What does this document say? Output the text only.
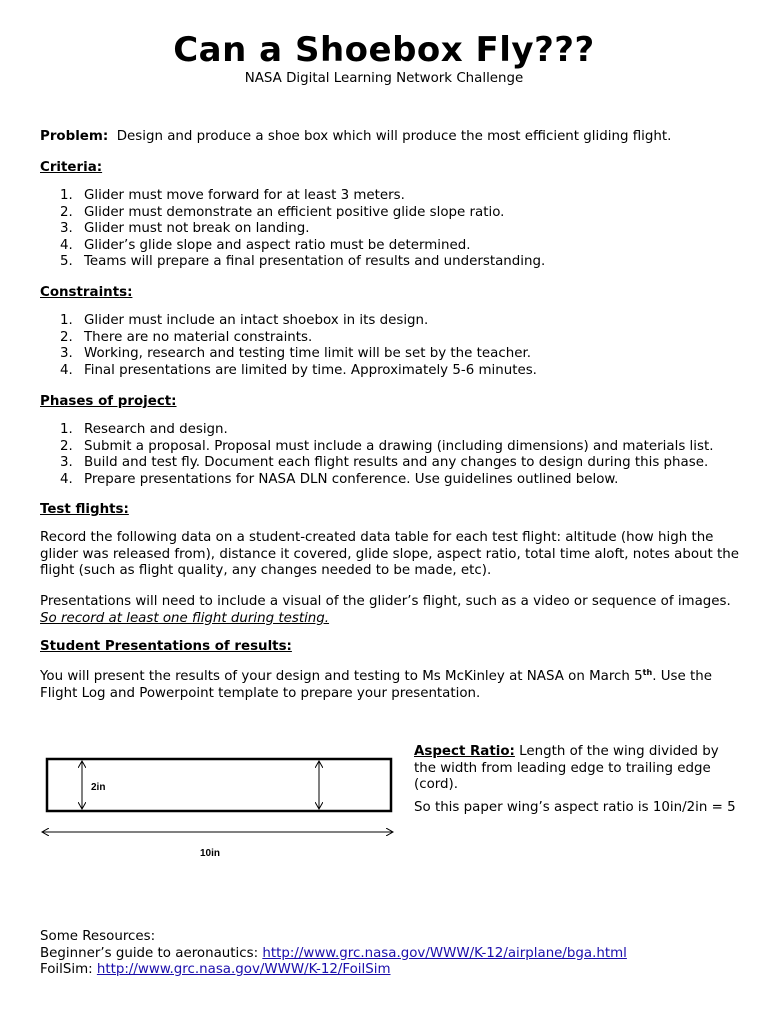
Can a Shoebox Fly???
NASA Digital Learning Network Challenge
Problem: Design and produce a shoe box which will produce the most efficient gliding flight.
Criteria:
1. Glider must move forward for at least 3 meters.
2. Glider must demonstrate an efficient positive glide slope ratio.
3. Glider must not break on landing.
4. Glider’s glide slope and aspect ratio must be determined.
5. Teams will prepare a final presentation of results and understanding.
Constraints:
1. Glider must include an intact shoebox in its design.
2. There are no material constraints.
3. Working, research and testing time limit will be set by the teacher.
4. Final presentations are limited by time. Approximately 5-6 minutes.
Phases of project:
1. Research and design.
2. Submit a proposal. Proposal must include a drawing (including dimensions) and materials list.
3. Build and test fly. Document each flight results and any changes to design during this phase.
4. Prepare presentations for NASA DLN conference. Use guidelines outlined below.
Test flights:
Record the following data on a student-created data table for each test flight: altitude (how high the glider was released from), distance it covered, glide slope, aspect ratio, total time aloft, notes about the flight (such as flight quality, any changes needed to be made, etc).
Presentations will need to include a visual of the glider’s flight, such as a video or sequence of images.  So record at least one flight during testing.
Student Presentations of results:
You will present the results of your design and testing to Ms McKinley at NASA on March 5th. Use the Flight Log and Powerpoint template to prepare your presentation.
2in
10in
Aspect Ratio: Length of the wing divided by the width from leading edge to trailing edge (cord).
So this paper wing’s aspect ratio is 10in/2in = 5
Some Resources:
Beginner’s guide to aeronautics: http://www.grc.nasa.gov/WWW/K-12/airplane/bga.html
FoilSim: http://www.grc.nasa.gov/WWW/K-12/FoilSim
